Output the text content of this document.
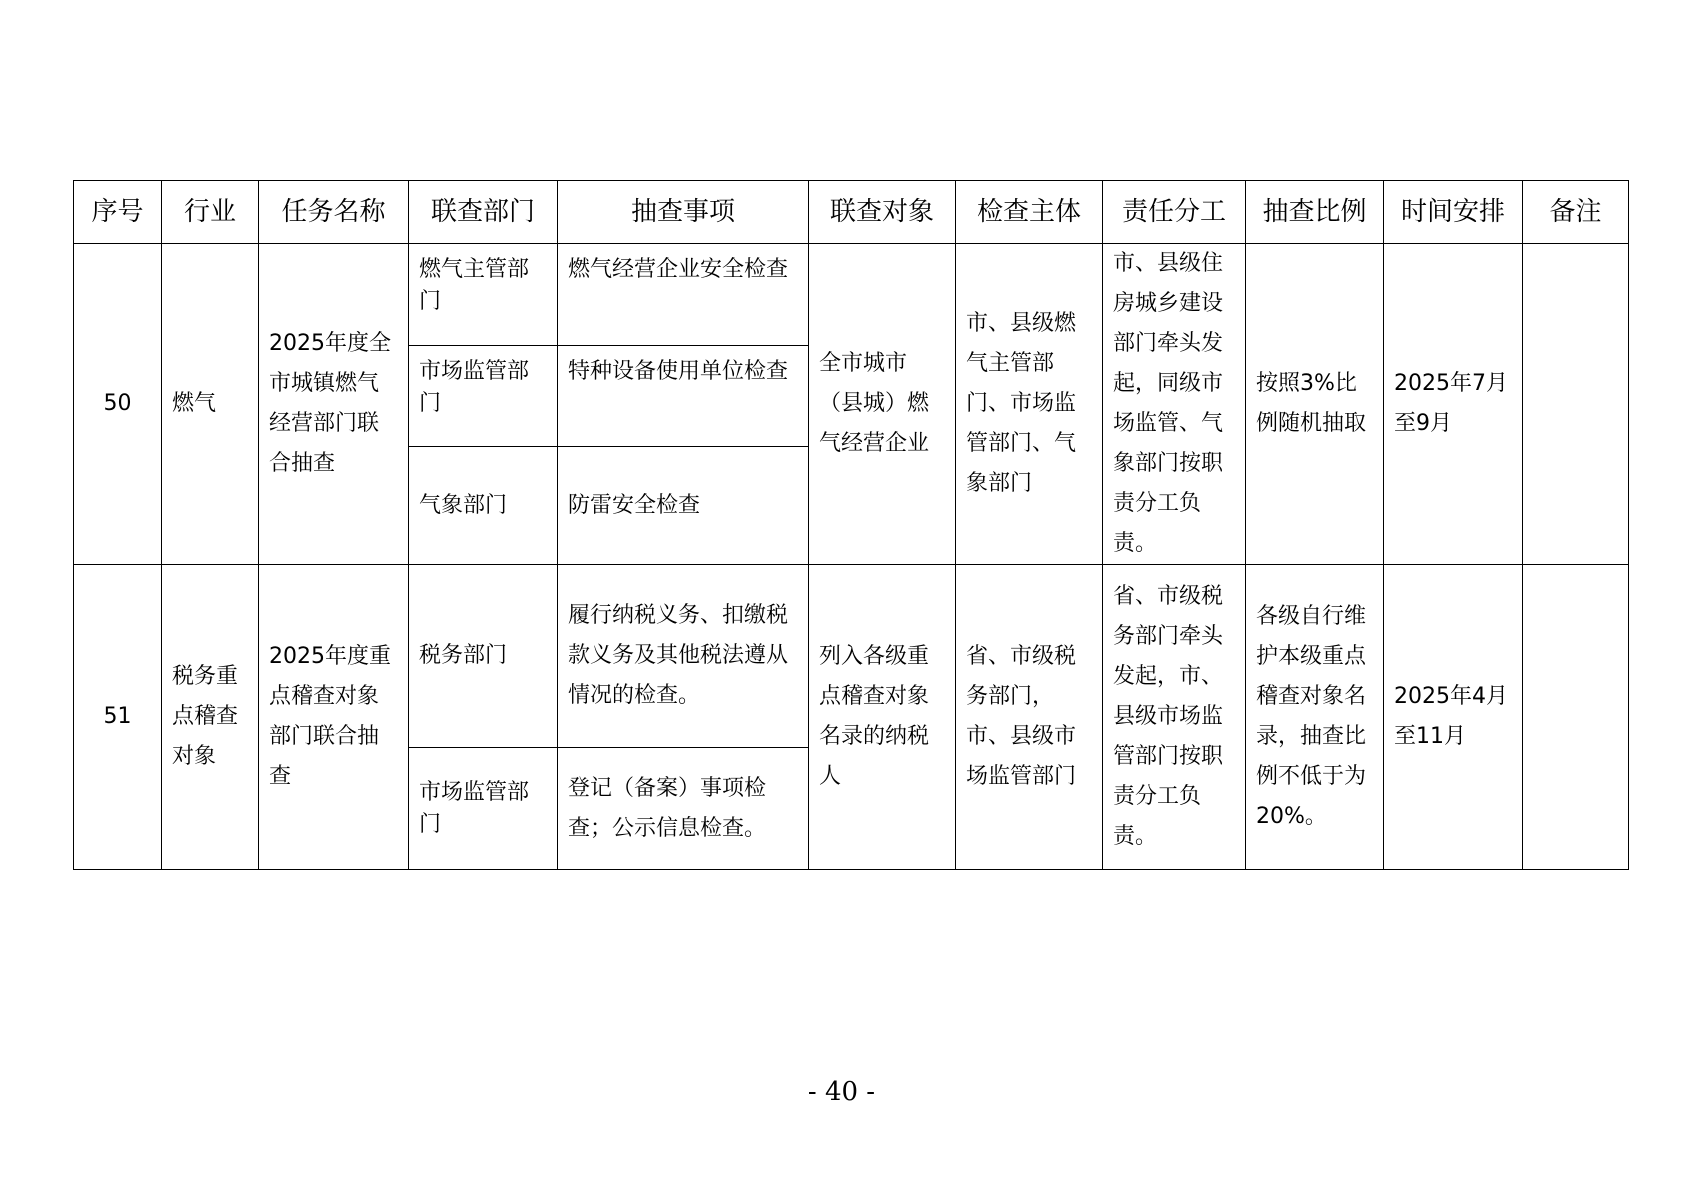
序号	行业	任务名称	联查部门	抽查事项	联查对象	检查主体	责任分工	抽查比例	时间安排	备注
50	燃气	2025年度全市城镇燃气经营部门联合抽查	燃气主管部门	燃气经营企业安全检查	全市城市（县城）燃气经营企业	市、县级燃气主管部门、市场监管部门、气象部门	市、县级住房城乡建设部门牵头发起，同级市场监管、气象部门按职责分工负责。	按照3%比例随机抽取	2025年7月至9月	
			市场监管部门	特种设备使用单位检查						
			气象部门	防雷安全检查						
51	税务重点稽查对象	2025年度重点稽查对象部门联合抽查	税务部门	履行纳税义务、扣缴税款义务及其他税法遵从情况的检查。	列入各级重点稽查对象名录的纳税人	省、市级税务部门，市、县级市场监管部门	省、市级税务部门牵头发起，市、县级市场监管部门按职责分工负责。	各级自行维护本级重点稽查对象名录，抽查比例不低于为20%。	2025年4月至11月	
			市场监管部门	登记（备案）事项检查；公示信息检查。						
- 40 -
